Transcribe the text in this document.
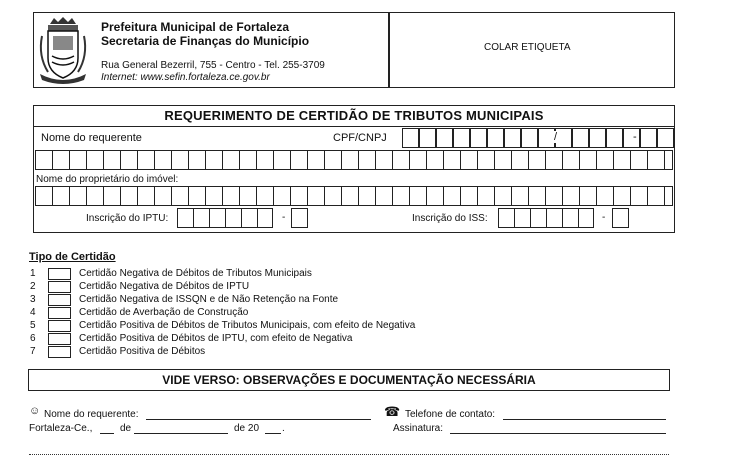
COLAR ETIQUETA
Prefeitura Municipal de Fortaleza
Secretaria de Finanças do Município
Rua General Bezerril, 755 - Centro - Tel. 255-3709
Internet: www.sefin.fortaleza.ce.gov.br
REQUERIMENTO DE CERTIDÃO DE TRIBUTOS MUNICIPAIS
Nome do requerente	CPF/CNPJ	/	-
Nome do proprietário do imóvel:
Inscrição do IPTU:	-	Inscrição do ISS:	-
Tipo de Certidão
1	Certidão Negativa de Débitos de Tributos Municipais
2	Certidão Negativa de Débitos de IPTU
3	Certidão Negativa de ISSQN e de Não Retenção na Fonte
4	Certidão de Averbação de Construção
5	Certidão Positiva de Débitos de Tributos Municipais, com efeito de Negativa
6	Certidão Positiva de Débitos de IPTU, com efeito de Negativa
7	Certidão Positiva de Débitos
VIDE VERSO: OBSERVAÇÕES E DOCUMENTAÇÃO NECESSÁRIA
☺ Nome do requerente:	☎ Telefone de contato:
Fortaleza-Ce.,	de	de 20 .	Assinatura:
